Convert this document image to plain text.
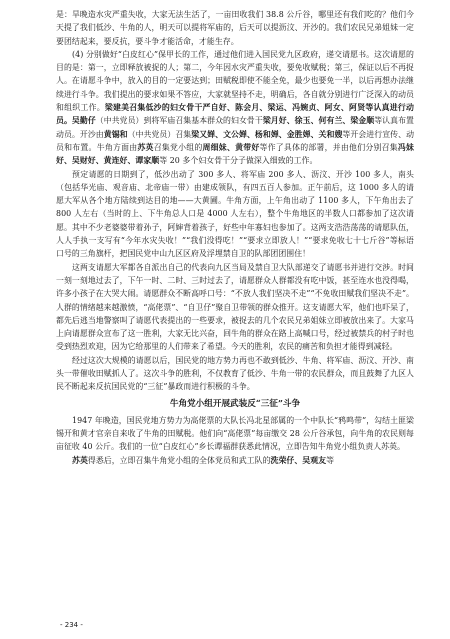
是：旱晚造水灾严重失收，大家无法生活了，一亩田收我们 38.8 公斤谷，哪里还有我们吃的？他们今天提了我们低沙、牛角的人，明天可以提将军庙的，后天可以提沥汶、开沙的。我们农民兄弟姐妹一定要团结起来，要反抗，要斗争才能活命，才能生存。

(4) 分别做好“白皮红心”保甲长的工作，通过他们进入国民党九区政府，递交请愿书。这次请愿的目的是：第一，立即释放被捉的人；第二，今年因水灾严重失收，要免收赋税；第三，保证以后不再捉人。在请愿斗争中，放入的目的一定要达到；田赋税即使不能全免，最少也要免一半，以后再想办法继续进行斗争。我们提出的要求如果不答应，大家就坚持不走，明确后，各自就分别进行广泛深入的动员和组织工作。梁建美召集低沙的妇女骨干严自好、陈会月、梁运、冯婉贞、阿女、阿贤等认真进行动员。吴勤仔（中共党员）到将军庙召集基本群众的妇女骨干梁月好、徐玉、何有兰、梁金顺等认真布置动员。开沙由黄锡和（中共党员）召集梁又婵、文公婵、杨和婵、金胜婵、关和嫂等开会进行宣传、动员和布置。牛角方面由苏英召集党小组的周细妹、黄带好等作了具体的部署，并由他们分别召集冯妹好、吴财好、黄连好、谭家顺等 20 多个妇女骨干分子做深入细致的工作。

预定请愿的日期到了，低沙出动了 300 多人、将军庙 200 多人、沥汶、开沙 100 多人，南头（包括华光庙、观音庙、北帝庙一带）由建成领队，有四五百人参加。正午前后，这 1000 多人的请愿大军从各个地方陆续到达目的地——大黄圃。牛角方面，上午角出动了 1100 多人，下午角出去了 800 人左右（当时的上、下牛角总人口是 4000 人左右），整个牛角地区的半数人口都参加了这次请愿。其中不少老婆婆带着孙子，阿婶背着孩子，好些中年寡妇也参加了。这两支浩浩荡荡的请愿队伍，人人手执一支写有“今年水灾失收！”“我们没得吃！”“要求立即放人！”“要求免收七十七斤谷”等标语口号的三角旗杆，把国民党中山九区区府及浮埋禁自卫的队部团团围住！

这两支请愿大军都各自派出自己的代表向九区当局及禁自卫大队部递交了请愿书并进行交涉。时间一刻一刻地过去了，下午一时、二时、三时过去了，请愿群众人群都没有吃中饭，甚至连水也没得喝，许多小孩子在大哭大闹。请愿群众不断高呼口号：“不放人我们坚决不走”“不免收田赋我们坚决不走”。人群的情绪越来越激愤，“高佬票”、“自卫仔”聚自卫带领的群众推开。这支请愿大军，他们也吓呆了，都先后逃当地警察叫了请愿代表提出的一些要求，被捉去的几个农民兄弟姐妹立即被放出来了。大家马上向请愿群众宣布了这一胜利，大家无比兴奋，回牛角的群众在路上高喊口号，经过被禁兵的村子时也受到热烈欢迎，因为它给那里的人们带来了希望。今天的胜利，农民的痛苦和负担才能得到减轻。

经过这次大规模的请愿以后，国民党的地方势力再也不敢到低沙、牛角、将军庙、沥汶、开沙、南头一带催收田赋抓人了。这次斗争的胜利，不仅教育了低沙、牛角一带的农民群众，而且鼓舞了九区人民不断起来反抗国民党的“三征”暴政而进行积极的斗争。

牛角党小组开展武装反“三征”斗争

1947 年晚造，国民党地方势力为高佬票的大队长冯北星部属的一个中队长“鸦鸣带”，勾结土匪梁锡开和黄才官亲自来收了牛角的田赋税。他们向“高佬票”每亩缴交 28 公斤谷承包，向牛角的农民则每亩征收 40 公斤。我们的一位“白皮红心”乡长谭福群获悉此情况，立即告知牛角党小组负责人苏英。

苏英得悉后，立即召集牛角党小组的全体党员和武工队的洗荣仔、吴观友等

- 234 -
